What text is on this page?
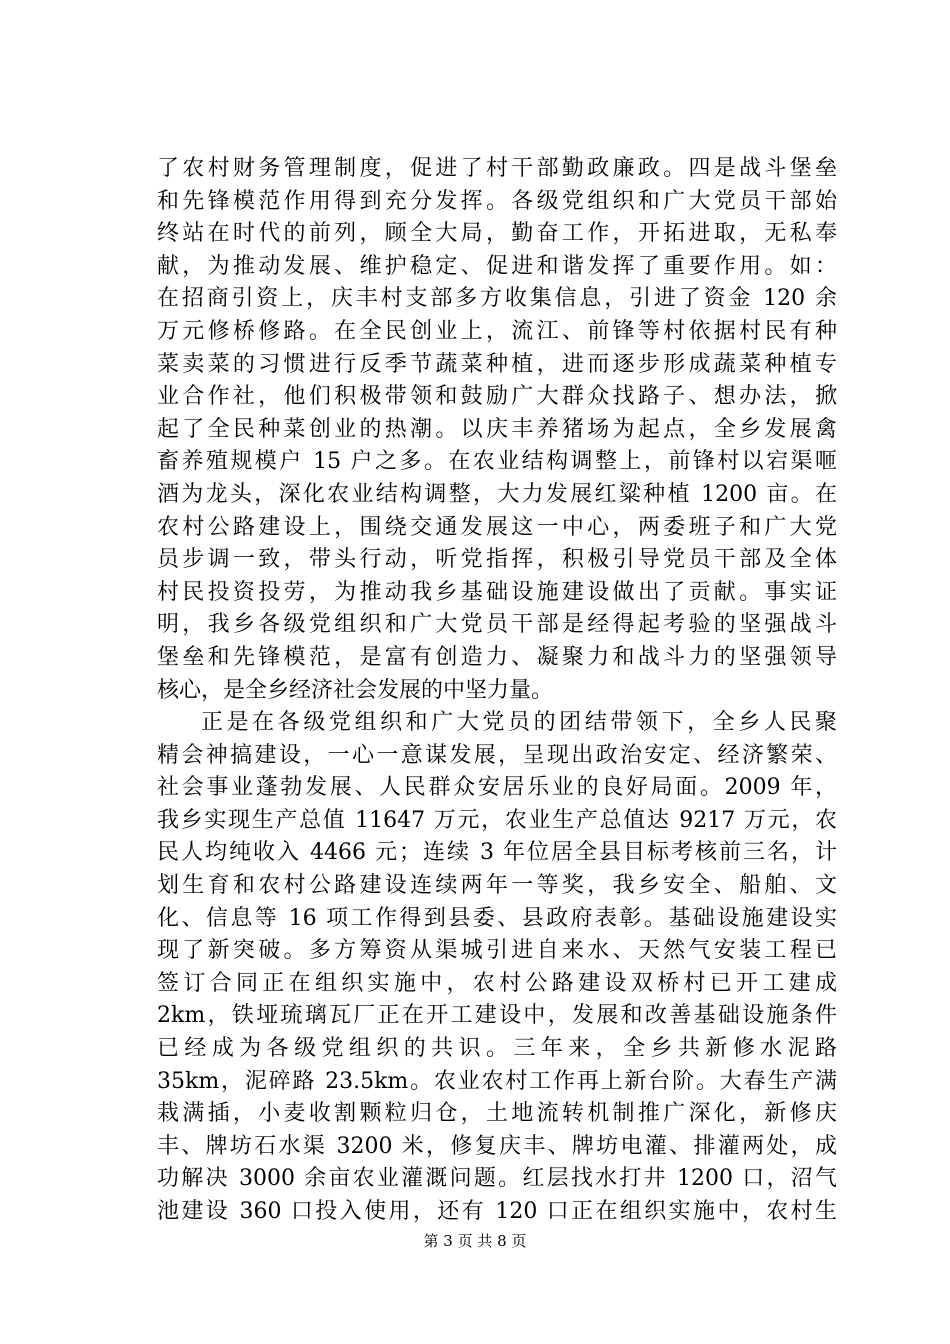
了农村财务管理制度，促进了村干部勤政廉政。四是战斗堡垒
和先锋模范作用得到充分发挥。各级党组织和广大党员干部始
终站在时代的前列，顾全大局，勤奋工作，开拓进取，无私奉
献，为推动发展、维护稳定、促进和谐发挥了重要作用。如：
在招商引资上，庆丰村支部多方收集信息，引进了资金 120 余
万元修桥修路。在全民创业上，流江、前锋等村依据村民有种
菜卖菜的习惯进行反季节蔬菜种植，进而逐步形成蔬菜种植专
业合作社，他们积极带领和鼓励广大群众找路子、想办法，掀
起了全民种菜创业的热潮。以庆丰养猪场为起点，全乡发展禽
畜养殖规模户 15 户之多。在农业结构调整上，前锋村以宕渠咂
酒为龙头，深化农业结构调整，大力发展红粱种植 1200 亩。在
农村公路建设上，围绕交通发展这一中心，两委班子和广大党
员步调一致，带头行动，听党指挥，积极引导党员干部及全体
村民投资投劳，为推动我乡基础设施建设做出了贡献。事实证
明，我乡各级党组织和广大党员干部是经得起考验的坚强战斗
堡垒和先锋模范，是富有创造力、凝聚力和战斗力的坚强领导
核心，是全乡经济社会发展的中坚力量。
正是在各级党组织和广大党员的团结带领下，全乡人民聚
精会神搞建设，一心一意谋发展，呈现出政治安定、经济繁荣、
社会事业蓬勃发展、人民群众安居乐业的良好局面。2009 年，
我乡实现生产总值 11647 万元，农业生产总值达 9217 万元，农
民人均纯收入 4466 元；连续 3 年位居全县目标考核前三名，计
划生育和农村公路建设连续两年一等奖，我乡安全、船舶、文
化、信息等 16 项工作得到县委、县政府表彰。基础设施建设实
现了新突破。多方筹资从渠城引进自来水、天然气安装工程已
签订合同正在组织实施中，农村公路建设双桥村已开工建成
2km，铁垭琉璃瓦厂正在开工建设中，发展和改善基础设施条件
已经成为各级党组织的共识。三年来，全乡共新修水泥路
35km，泥碎路 23.5km。农业农村工作再上新台阶。大春生产满
栽满插，小麦收割颗粒归仓，土地流转机制推广深化，新修庆
丰、牌坊石水渠 3200 米，修复庆丰、牌坊电灌、排灌两处，成
功解决 3000 余亩农业灌溉问题。红层找水打井 1200 口，沼气
池建设 360 口投入使用，还有 120 口正在组织实施中，农村生
第 3 页 共 8 页
